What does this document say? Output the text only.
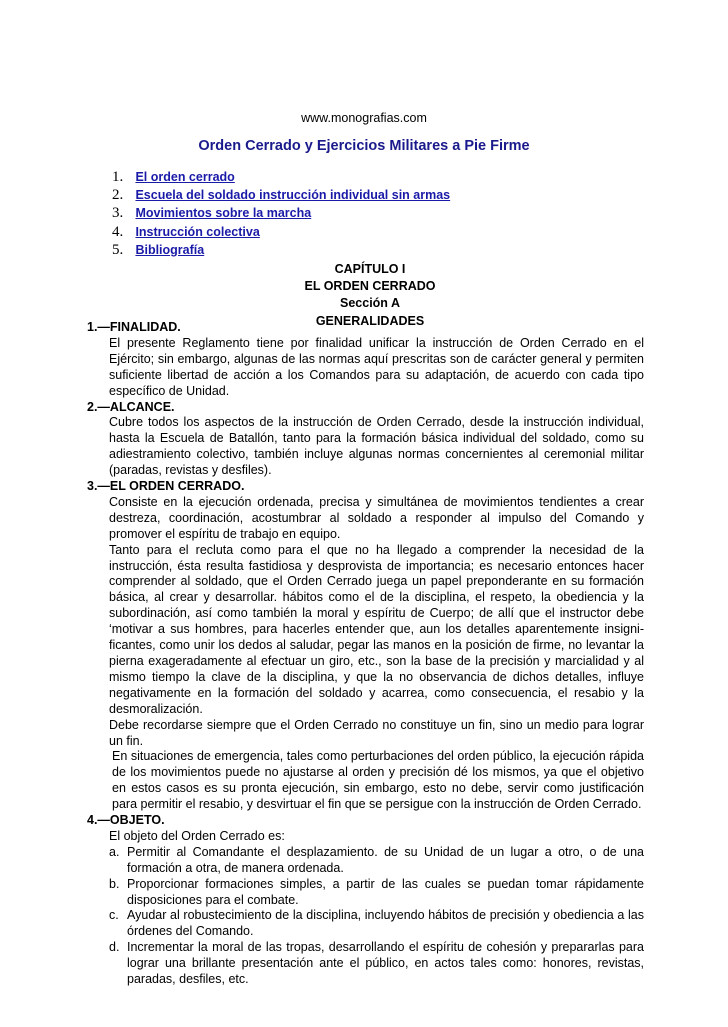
www.monografias.com
Orden Cerrado y Ejercicios Militares a Pie Firme
1. El orden cerrado
2. Escuela del soldado instrucción individual sin armas
3. Movimientos sobre la marcha
4. Instrucción colectiva
5. Bibliografía
CAPÍTULO I
EL ORDEN CERRADO
Sección A
GENERALIDADES
1.—FINALIDAD.
El presente Reglamento tiene por finalidad unificar la instrucción de Orden Cerrado en el Ejército; sin embargo, algunas de las normas aquí prescritas son de carácter general y permiten suficiente libertad de acción a los Comandos para su adaptación, de acuerdo con cada tipo específico de Unidad.
2.—ALCANCE.
Cubre todos los aspectos de la instrucción de Orden Cerrado, desde la instrucción individual, hasta la Escuela de Batallón, tanto para la formación básica individual del soldado, como su adiestramiento colectivo, también incluye algunas normas concernientes al ceremonial militar (paradas, revistas y desfiles).
3.—EL ORDEN CERRADO.
Consiste en la ejecución ordenada, precisa y simultánea de movimientos tendientes a crear destreza, coordinación, acostumbrar al soldado a responder al impulso del Comando y promover el espíritu de trabajo en equipo.
Tanto para el recluta como para el que no ha llegado a comprender la necesidad de la instrucción, ésta resulta fastidiosa y desprovista de importancia; es necesario entonces hacer comprender al soldado, que el Orden Cerrado juega un papel preponderante en su formación básica, al crear y desarrollar. hábitos como el de la disciplina, el respeto, la obediencia y la subordinación, así como también la moral y espíritu de Cuerpo; de allí que el instructor debe ‘motivar a sus hombres, para hacerles entender que, aun los detalles aparentemente insigni-ficantes, como unir los dedos al saludar, pegar las manos en la posición de firme, no levantar la pierna exageradamente al efectuar un giro, etc., son la base de la precisión y marcialidad y al mismo tiempo la clave de la disciplina, y que la no observancia de dichos detalles, influye negativamente en la formación del soldado y acarrea, como consecuencia, el resabio y la desmoralización.
Debe recordarse siempre que el Orden Cerrado no constituye un fin, sino un medio para lograr un fin.
En situaciones de emergencia, tales como perturbaciones del orden público, la ejecución rápida de los movimientos puede no ajustarse al orden y precisión dé los mismos, ya que el objetivo en estos casos es su pronta ejecución, sin embargo, esto no debe, servir como justificación para permitir el resabio, y desvirtuar el fin que se persigue con la instrucción de Orden Cerrado.
4.—OBJETO.
El objeto del Orden Cerrado es:
a. Permitir al Comandante el desplazamiento. de su Unidad de un lugar a otro, o de una formación a otra, de manera ordenada.
b. Proporcionar formaciones simples, a partir de las cuales se puedan tomar rápidamente disposiciones para el combate.
c. Ayudar al robustecimiento de la disciplina, incluyendo hábitos de precisión y obediencia a las órdenes del Comando.
d. Incrementar la moral de las tropas, desarrollando el espíritu de cohesión y prepararlas para lograr una brillante presentación ante el público, en actos tales como: honores, revistas, paradas, desfiles, etc.
